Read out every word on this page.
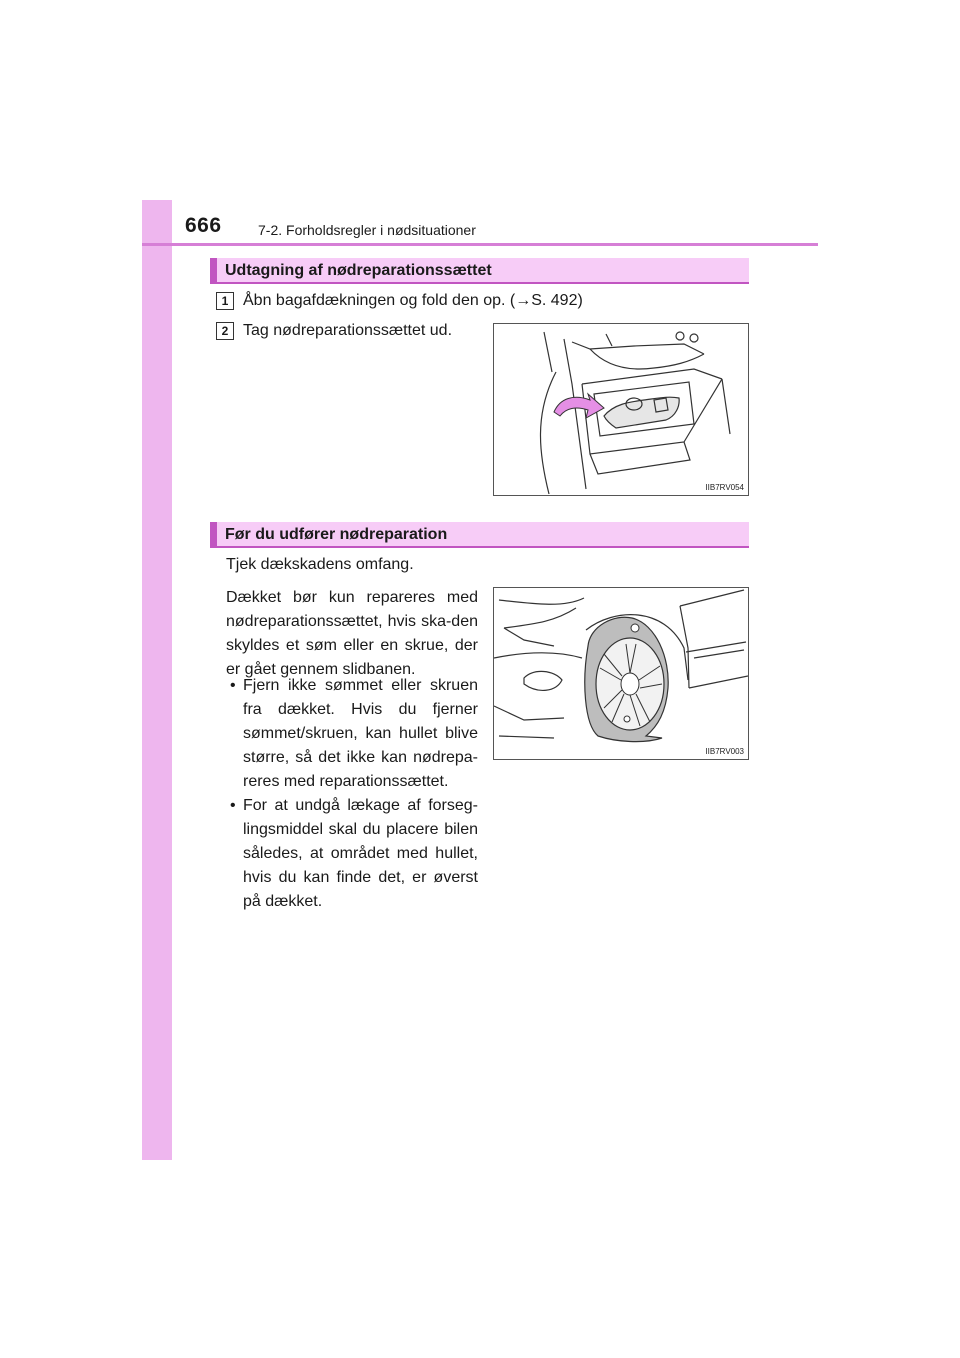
666	7-2. Forholdsregler i nødsituationer
Udtagning af nødreparationssættet
1 Åbn bagafdækningen og fold den op. (→S. 492)
2 Tag nødreparationssættet ud.
IIB7RV054
Før du udfører nødreparation
Tjek dækskadens omfang.
Dækket bør kun repareres med nødreparationssættet, hvis ska-den skyldes et søm eller en skrue, der er gået gennem slidbanen.
• Fjern ikke sømmet eller skruen fra dækket. Hvis du fjerner sømmet/skruen, kan hullet blive større, så det ikke kan nødrepa-reres med reparationssættet.
• For at undgå lækage af forseg-lingsmiddel skal du placere bilen således, at området med hullet, hvis du kan finde det, er øverst på dækket.
IIB7RV003
